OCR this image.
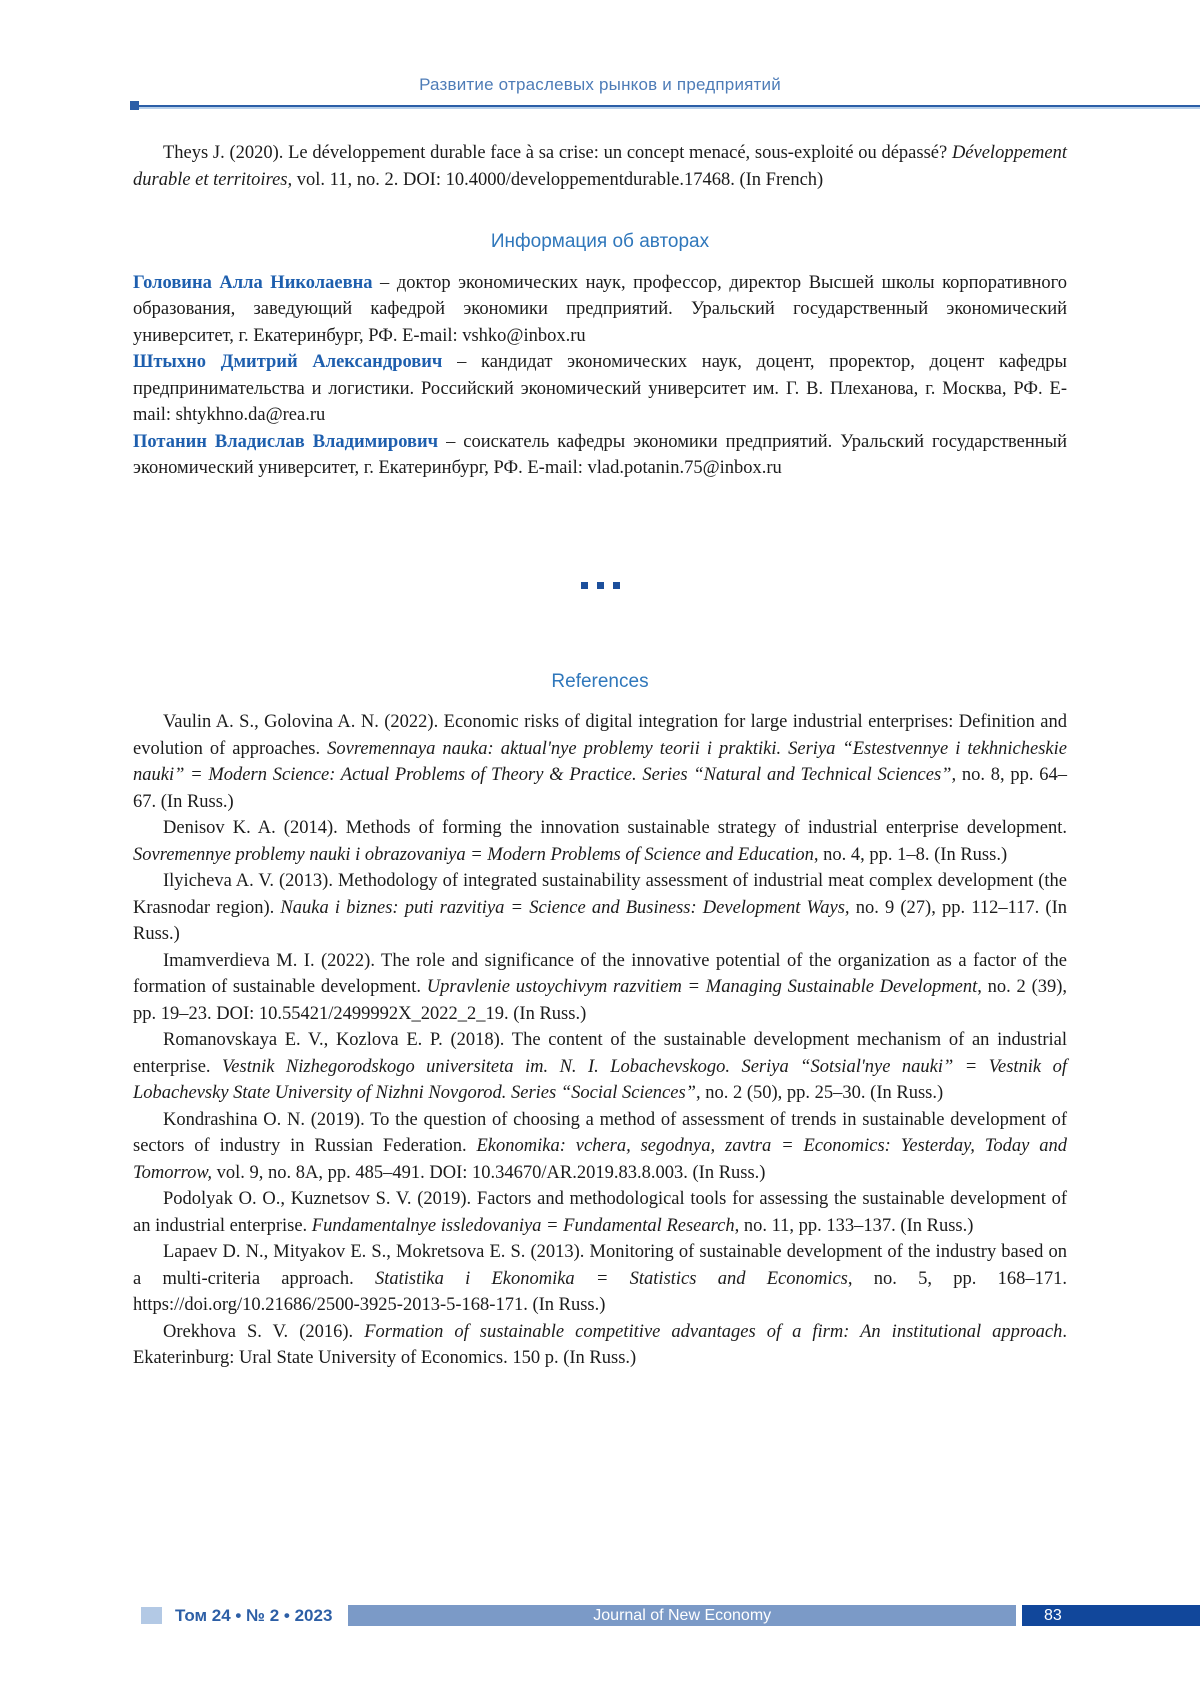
Развитие отраслевых рынков и предприятий

Theys J. (2020). Le développement durable face à sa crise: un concept menacé, sous-exploité ou dépassé? Développement durable et territoires, vol. 11, no. 2. DOI: 10.4000/developpementdurable.17468. (In French)

Информация об авторах

Головина Алла Николаевна – доктор экономических наук, профессор, директор Высшей школы корпоративного образования, заведующий кафедрой экономики предприятий. Уральский государственный экономический университет, г. Екатеринбург, РФ. E-mail: vshko@inbox.ru

Штыхно Дмитрий Александрович – кандидат экономических наук, доцент, проректор, доцент кафедры предпринимательства и логистики. Российский экономический университет им. Г. В. Плеханова, г. Москва, РФ. E-mail: shtykhno.da@rea.ru

Потанин Владислав Владимирович – соискатель кафедры экономики предприятий. Уральский государственный экономический университет, г. Екатеринбург, РФ. E-mail: vlad.potanin.75@inbox.ru

References

Vaulin A. S., Golovina A. N. (2022). Economic risks of digital integration for large industrial enterprises: Definition and evolution of approaches. Sovremennaya nauka: aktual'nye problemy teorii i praktiki. Seriya “Estestvennye i tekhnicheskie nauki” = Modern Science: Actual Problems of Theory & Practice. Series “Natural and Technical Sciences”, no. 8, pp. 64–67. (In Russ.)

Denisov K. A. (2014). Methods of forming the innovation sustainable strategy of industrial enterprise development. Sovremennye problemy nauki i obrazovaniya = Modern Problems of Science and Education, no. 4, pp. 1–8. (In Russ.)

Ilyicheva A. V. (2013). Methodology of integrated sustainability assessment of industrial meat complex development (the Krasnodar region). Nauka i biznes: puti razvitiya = Science and Business: Development Ways, no. 9 (27), pp. 112–117. (In Russ.)

Imamverdieva M. I. (2022). The role and significance of the innovative potential of the organization as a factor of the formation of sustainable development. Upravlenie ustoychivym razvitiem = Managing Sustainable Development, no. 2 (39), pp. 19–23. DOI: 10.55421/2499992X_2022_2_19. (In Russ.)

Romanovskaya E. V., Kozlova E. P. (2018). The content of the sustainable development mechanism of an industrial enterprise. Vestnik Nizhegorodskogo universiteta im. N. I. Lobachevskogo. Seriya “Sotsial'nye nauki” = Vestnik of Lobachevsky State University of Nizhni Novgorod. Series “Social Sciences”, no. 2 (50), pp. 25–30. (In Russ.)

Kondrashina O. N. (2019). To the question of choosing a method of assessment of trends in sustainable development of sectors of industry in Russian Federation. Ekonomika: vchera, segodnya, zavtra = Economics: Yesterday, Today and Tomorrow, vol. 9, no. 8A, pp. 485–491. DOI: 10.34670/AR.2019.83.8.003. (In Russ.)

Podolyak O. O., Kuznetsov S. V. (2019). Factors and methodological tools for assessing the sustainable development of an industrial enterprise. Fundamentalnye issledovaniya = Fundamental Research, no. 11, pp. 133–137. (In Russ.)

Lapaev D. N., Mityakov E. S., Mokretsova E. S. (2013). Monitoring of sustainable development of the industry based on a multi-criteria approach. Statistika i Ekonomika = Statistics and Economics, no. 5, pp. 168–171. https://doi.org/10.21686/2500-3925-2013-5-168-171. (In Russ.)

Orekhova S. V. (2016). Formation of sustainable competitive advantages of a firm: An institutional approach. Ekaterinburg: Ural State University of Economics. 150 p. (In Russ.)

Том 24 • № 2 • 2023	Journal of New Economy	83
